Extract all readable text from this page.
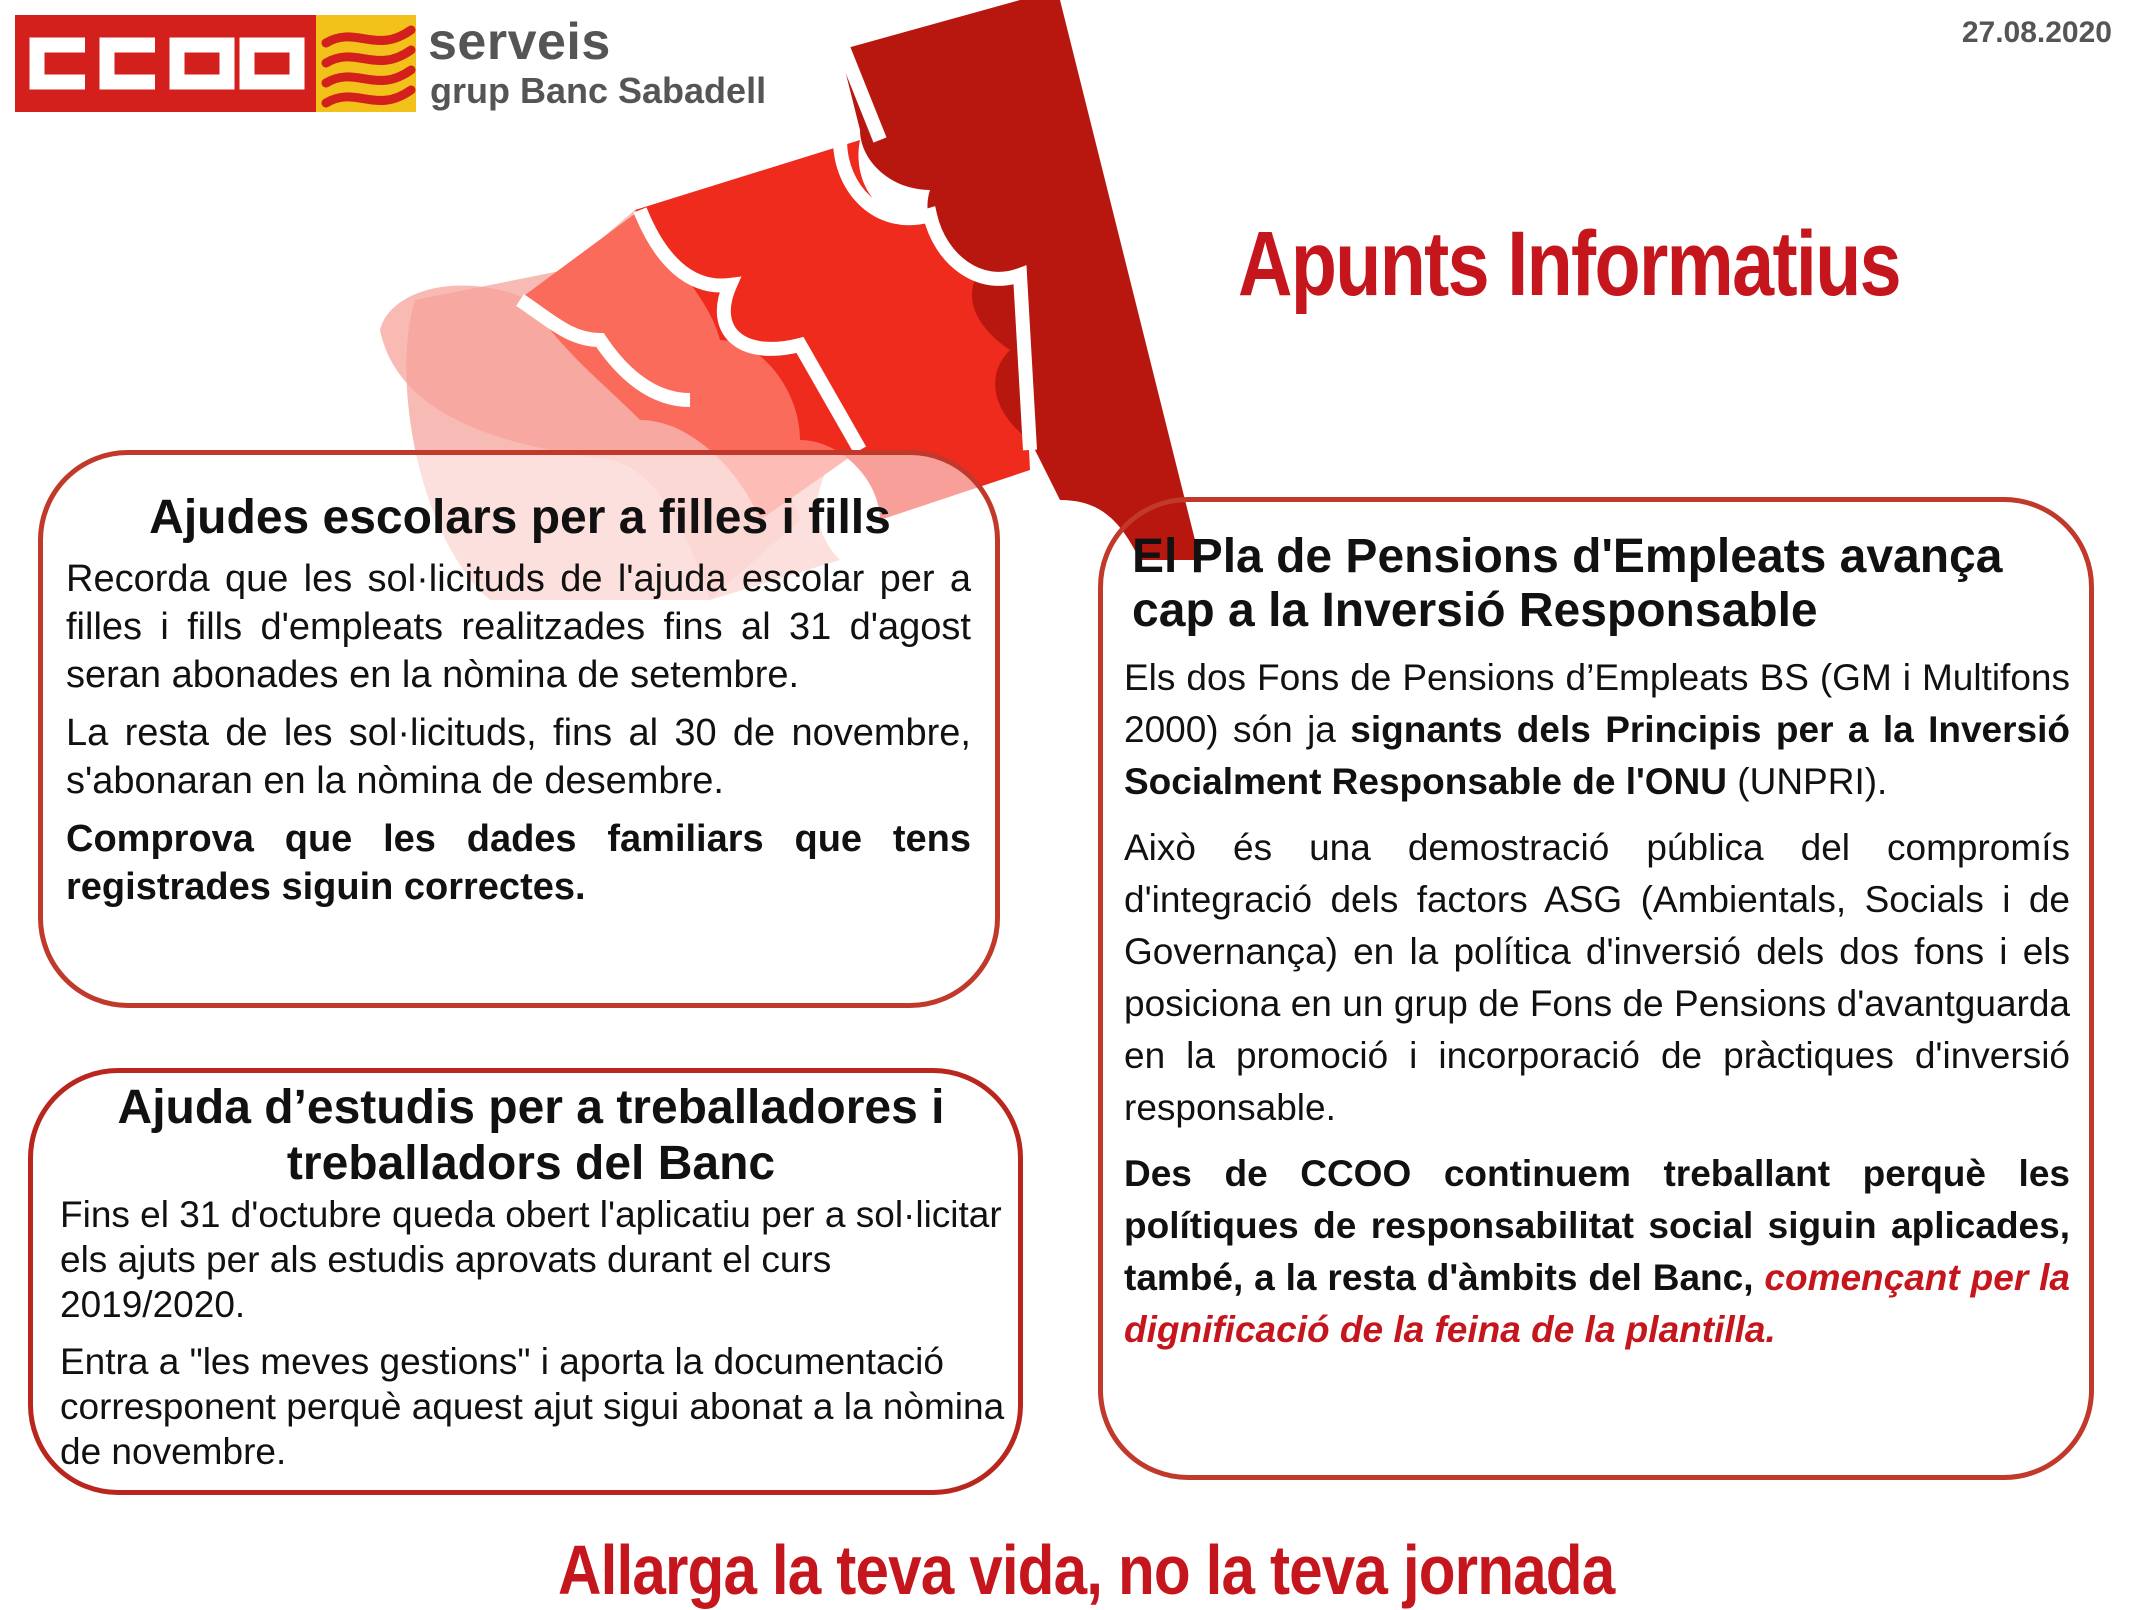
serveis
grup Banc Sabadell
27.08.2020
Apunts Informatius
Ajudes escolars per a filles i fills

Recorda que les sol·licituds de l'ajuda escolar per a filles i fills d'empleats realitzades fins al 31 d'agost seran abonades en la nòmina de setembre.

La resta de les sol·licituds, fins al 30 de novembre, s'abonaran en la nòmina de desembre.

Comprova que les dades familiars que tens registrades siguin correctes.

Ajuda d’estudis per a treballadores i treballadors del Banc

Fins el 31 d'octubre queda obert l'aplicatiu per a sol·licitar els ajuts per als estudis aprovats durant el curs 2019/2020.

Entra a "les meves gestions" i aporta la documentació corresponent perquè aquest ajut sigui abonat a la nòmina de novembre.

El Pla de Pensions d'Empleats avança cap a la Inversió Responsable

Els dos Fons de Pensions d’Empleats BS (GM i Multifons 2000) són ja signants dels Principis per a la Inversió Socialment Responsable de l'ONU (UNPRI).

Això és una demostració pública del compromís d'integració dels factors ASG (Ambientals, Socials i de Governança) en la política d'inversió dels dos fons i els posiciona en un grup de Fons de Pensions d'avantguarda en la promoció i incorporació de pràctiques d'inversió responsable.

Des de CCOO continuem treballant perquè les polítiques de responsabilitat social siguin aplicades, també, a la resta d'àmbits del Banc, començant per la dignificació de la feina de la plantilla.

Allarga la teva vida, no la teva jornada
